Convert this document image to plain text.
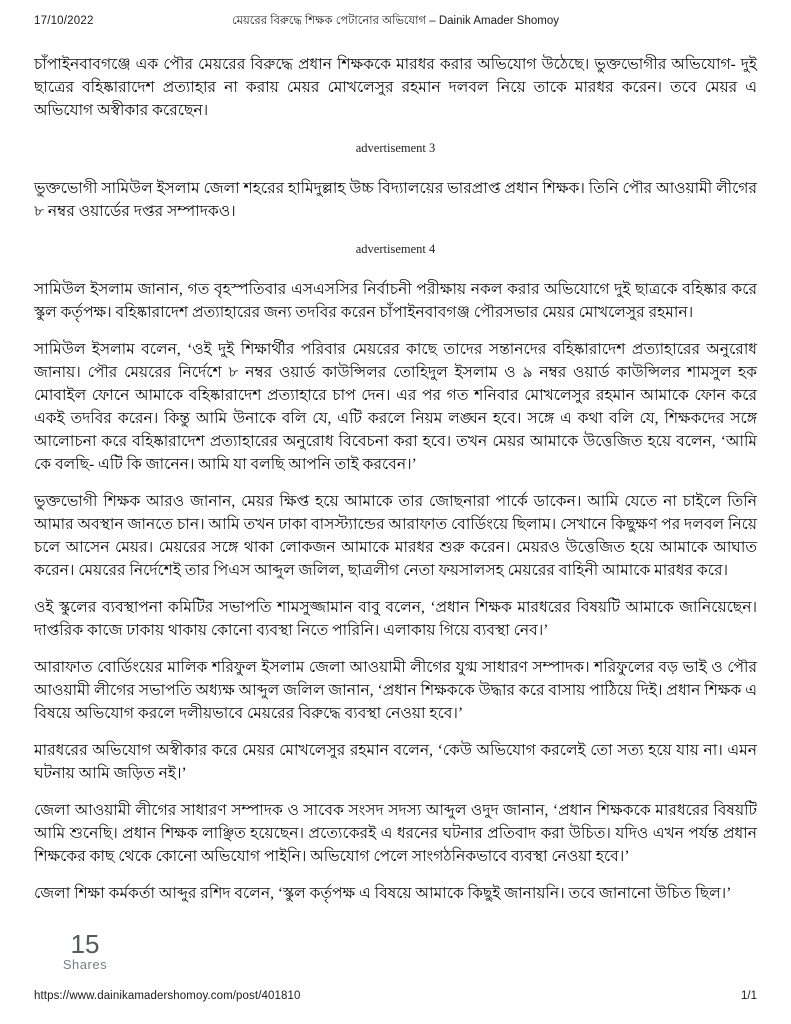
17/10/2022	মেয়রের বিরুদ্ধে শিক্ষক পেটানোর অভিযোগ – Dainik Amader Shomoy

চাঁপাইনবাবগঞ্জে এক পৌর মেয়রের বিরুদ্ধে প্রধান শিক্ষককে মারধর করার অভিযোগ উঠেছে। ভুক্তভোগীর অভিযোগ- দুই ছাত্রের বহিষ্কারাদেশ প্রত্যাহার না করায় মেয়র মোখলেসুর রহমান দলবল নিয়ে তাকে মারধর করেন। তবে মেয়র এ অভিযোগ অস্বীকার করেছেন।

advertisement 3

ভুক্তভোগী সামিউল ইসলাম জেলা শহরের হামিদুল্লাহ উচ্চ বিদ্যালয়ের ভারপ্রাপ্ত প্রধান শিক্ষক। তিনি পৌর আওয়ামী লীগের ৮ নম্বর ওয়ার্ডের দপ্তর সম্পাদকও।

advertisement 4

সামিউল ইসলাম জানান, গত বৃহস্পতিবার এসএসসির নির্বাচনী পরীক্ষায় নকল করার অভিযোগে দুই ছাত্রকে বহিষ্কার করে স্কুল কর্তৃপক্ষ। বহিষ্কারাদেশ প্রত্যাহারের জন্য তদবির করেন চাঁপাইনবাবগঞ্জ পৌরসভার মেয়র মোখলেসুর রহমান।

সামিউল ইসলাম বলেন, ‘ওই দুই শিক্ষার্থীর পরিবার মেয়রের কাছে তাদের সন্তানদের বহিষ্কারাদেশ প্রত্যাহারের অনুরোধ জানায়। পৌর মেয়রের নির্দেশে ৮ নম্বর ওয়ার্ড কাউন্সিলর তোহিদুল ইসলাম ও ৯ নম্বর ওয়ার্ড কাউন্সিলর শামসুল হক মোবাইল ফোনে আমাকে বহিষ্কারাদেশ প্রত্যাহারে চাপ দেন। এর পর গত শনিবার মোখলেসুর রহমান আমাকে ফোন করে একই তদবির করেন। কিন্তু আমি উনাকে বলি যে, এটি করলে নিয়ম লঙ্ঘন হবে। সঙ্গে এ কথা বলি যে, শিক্ষকদের সঙ্গে আলোচনা করে বহিষ্কারাদেশ প্রত্যাহারের অনুরোধ বিবেচনা করা হবে। তখন মেয়র আমাকে উত্তেজিত হয়ে বলেন, ‘আমি কে বলছি- এটি কি জানেন। আমি যা বলছি আপনি তাই করবেন।’

ভুক্তভোগী শিক্ষক আরও জানান, মেয়র ক্ষিপ্ত হয়ে আমাকে তার জোছনারা পার্কে ডাকেন। আমি যেতে না চাইলে তিনি আমার অবস্থান জানতে চান। আমি তখন ঢাকা বাসস্ট্যান্ডের আরাফাত বোর্ডিংয়ে ছিলাম। সেখানে কিছুক্ষণ পর দলবল নিয়ে চলে আসেন মেয়র। মেয়রের সঙ্গে থাকা লোকজন আমাকে মারধর শুরু করেন। মেয়রও উত্তেজিত হয়ে আমাকে আঘাত করেন। মেয়রের নির্দেশেই তার পিএস আব্দুল জলিল, ছাত্রলীগ নেতা ফয়সালসহ মেয়রের বাহিনী আমাকে মারধর করে।

ওই স্কুলের ব্যবস্থাপনা কমিটির সভাপতি শামসুজ্জামান বাবু বলেন, ‘প্রধান শিক্ষক মারধরের বিষয়টি আমাকে জানিয়েছেন। দাপ্তরিক কাজে ঢাকায় থাকায় কোনো ব্যবস্থা নিতে পারিনি। এলাকায় গিয়ে ব্যবস্থা নেব।’

আরাফাত বোর্ডিংয়ের মালিক শরিফুল ইসলাম জেলা আওয়ামী লীগের যুগ্ম সাধারণ সম্পাদক। শরিফুলের বড় ভাই ও পৌর আওয়ামী লীগের সভাপতি অধ্যক্ষ আব্দুল জলিল জানান, ‘প্রধান শিক্ষককে উদ্ধার করে বাসায় পাঠিয়ে দিই। প্রধান শিক্ষক এ বিষয়ে অভিযোগ করলে দলীয়ভাবে মেয়রের বিরুদ্ধে ব্যবস্থা নেওয়া হবে।’

মারধরের অভিযোগ অস্বীকার করে মেয়র মোখলেসুর রহমান বলেন, ‘কেউ অভিযোগ করলেই তো সত্য হয়ে যায় না। এমন ঘটনায় আমি জড়িত নই।’

জেলা আওয়ামী লীগের সাধারণ সম্পাদক ও সাবেক সংসদ সদস্য আব্দুল ওদুদ জানান, ‘প্রধান শিক্ষককে মারধরের বিষয়টি আমি শুনেছি। প্রধান শিক্ষক লাঞ্ছিত হয়েছেন। প্রত্যেকেরই এ ধরনের ঘটনার প্রতিবাদ করা উচিত। যদিও এখন পর্যন্ত প্রধান শিক্ষকের কাছ থেকে কোনো অভিযোগ পাইনি। অভিযোগ পেলে সাংগঠনিকভাবে ব্যবস্থা নেওয়া হবে।’

জেলা শিক্ষা কর্মকর্তা আব্দুর রশিদ বলেন, ‘স্কুল কর্তৃপক্ষ এ বিষয়ে আমাকে কিছুই জানায়নি। তবে জানানো উচিত ছিল।’

15
Shares
https://www.dainikamadershomoy.com/post/401810	1/1
